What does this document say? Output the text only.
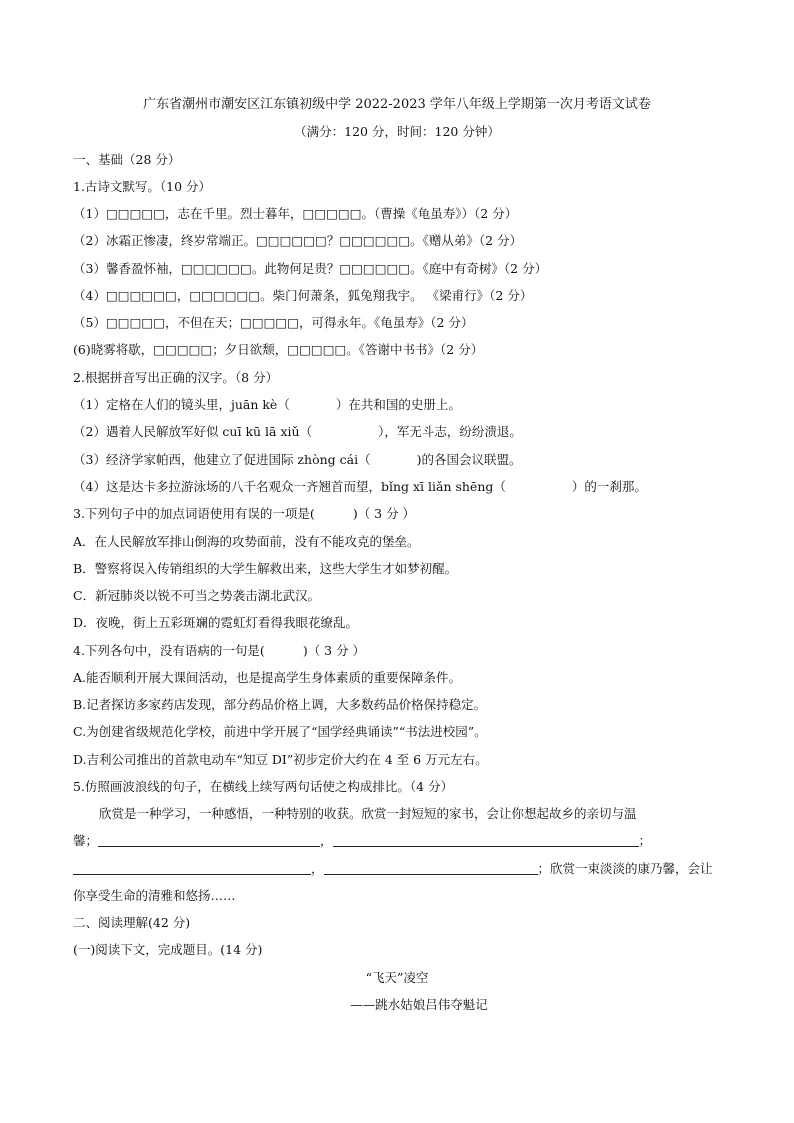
广东省潮州市潮安区江东镇初级中学 2022-2023 学年八年级上学期第一次月考语文试卷
（满分：120 分，时间：120 分钟）
一、基础（28 分）
1.古诗文默写。（10 分）
（1）□□□□□，志在千里。烈士暮年，□□□□□。（曹操《龟虽寿》）（2 分）
（2）冰霜正惨凄，终岁常端正。□□□□□□？□□□□□□。《赠从弟》（2 分）
（3）馨香盈怀袖，□□□□□□。此物何足贵？□□□□□□。《庭中有奇树》（2 分）
（4）□□□□□□，□□□□□□。柴门何萧条，狐兔翔我宇。 《梁甫行》（2 分）
（5）□□□□□，不但在天；□□□□□，可得永年。《龟虽寿》（2 分）
(6)晓雾将歇，□□□□□；夕日欲颓，□□□□□。《答谢中书书》（2 分）
2.根据拼音写出正确的汉字。（8 分）
（1）定格在人们的镜头里，juān kè（	）在共和国的史册上。
（2）遇着人民解放军好似 cuī kū lā xiǔ（	），军无斗志，纷纷溃退。
（3）经济学家帕西，他建立了促进国际 zhòng cái（	)的各国会议联盟。
（4）这是达卡多拉游泳场的八千名观众一齐翘首而望，bǐng xī liǎn shēng（	）的一刹那。
3.下列句子中的加点词语使用有误的一项是(	)（ 3 分 ）
A．在人民解放军排山倒海的攻势面前，没有不能攻克的堡垒。
B．警察将误入传销组织的大学生解救出来，这些大学生才如梦初醒。
C．新冠肺炎以锐不可当之势袭击湖北武汉。
D．夜晚，街上五彩斑斓的霓虹灯看得我眼花缭乱。
4.下列各句中，没有语病的一句是(	)（ 3 分 ）
A.能否顺利开展大课间活动，也是提高学生身体素质的重要保障条件。
B.记者探访多家药店发现，部分药品价格上调，大多数药品价格保持稳定。
C.为创建省级规范化学校，前进中学开展了“国学经典诵读”“书法进校园”。
D.吉利公司推出的首款电动车“知豆 DI”初步定价大约在 4 至 6 万元左右。
5.仿照画波浪线的句子，在横线上续写两句话使之构成排比。（4 分）
欣赏是一种学习，一种感悟，一种特别的收获。欣赏一封短短的家书，会让你想起故乡的亲切与温
馨；	，	；
，	；欣赏一束淡淡的康乃馨，会让
你享受生命的清雅和悠扬……
二、阅读理解(42 分)
(一)阅读下文，完成题目。(14 分)
“飞天”凌空
——跳水姑娘吕伟夺魁记
